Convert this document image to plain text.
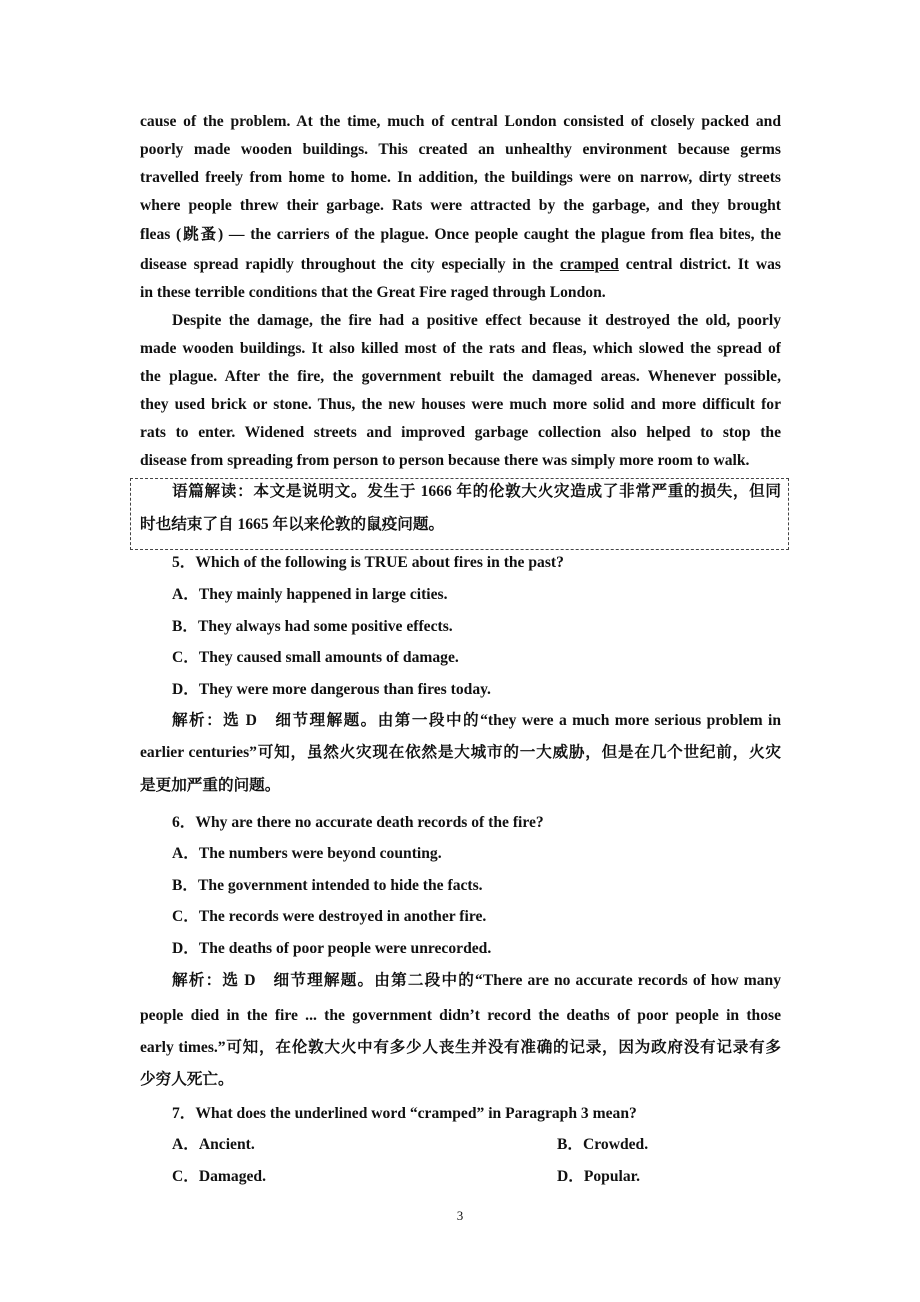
3
cause of the problem. At the time, much of central London consisted of closely packed and
poorly made wooden buildings. This created an unhealthy environment because germs
travelled freely from home to home. In addition, the buildings were on narrow, dirty streets
where people threw their garbage. Rats were attracted by the garbage, and they brought
fleas (跳蚤) — the carriers of the plague. Once people caught the plague from flea bites, the
disease spread rapidly throughout the city especially in the cramped central district. It was
in these terrible conditions that the Great Fire raged through London.
Despite the damage, the fire had a positive effect because it destroyed the old, poorly
made wooden buildings. It also killed most of the rats and fleas, which slowed the spread of
the plague. After the fire, the government rebuilt the damaged areas. Whenever possible,
they used brick or stone. Thus, the new houses were much more solid and more difficult for
rats to enter. Widened streets and improved garbage collection also helped to stop the
disease from spreading from person to person because there was simply more room to walk.
语篇解读：本文是说明文。发生于 1666 年的伦敦大火灾造成了非常严重的损失，但同
时也结束了自 1665 年以来伦敦的鼠疫问题。
5．Which of the following is TRUE about fires in the past?
A．They mainly happened in large cities.
B．They always had some positive effects.
C．They caused small amounts of damage.
D．They were more dangerous than fires today.
解析：选 D　细节理解题。由第一段中的“they were a much more serious problem in
earlier centuries”可知，虽然火灾现在依然是大城市的一大威胁，但是在几个世纪前，火灾
是更加严重的问题。
6．Why are there no accurate death records of the fire?
A．The numbers were beyond counting.
B．The government intended to hide the facts.
C．The records were destroyed in another fire.
D．The deaths of poor people were unrecorded.
解析：选 D　细节理解题。由第二段中的“There are no accurate records of how many
people died in the fire ... the government didn’t record the deaths of poor people in those
early times.”可知，在伦敦大火中有多少人丧生并没有准确的记录，因为政府没有记录有多
少穷人死亡。
7．What does the underlined word “cramped” in Paragraph 3 mean?
A．Ancient.	B．Crowded.
C．Damaged.	D．Popular.
